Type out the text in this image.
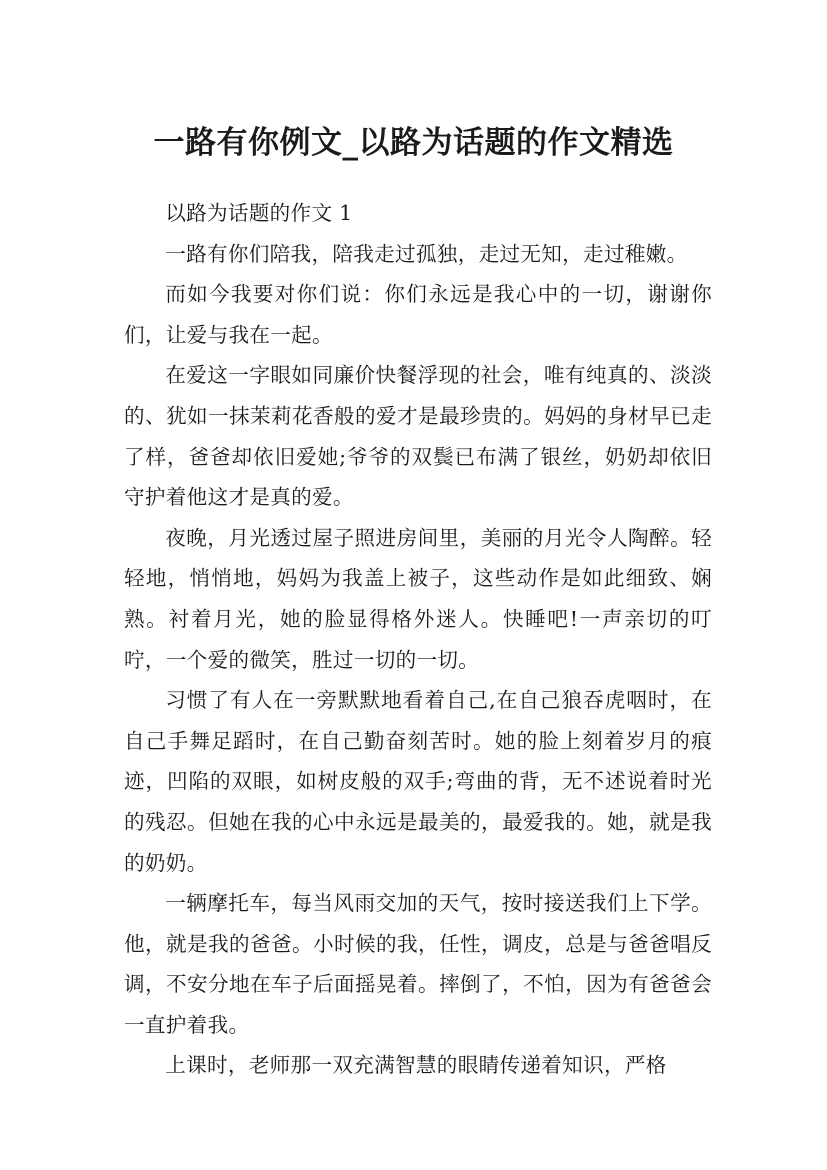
一路有你例文_以路为话题的作文精选

以路为话题的作文 1

一路有你们陪我，陪我走过孤独，走过无知，走过稚嫩。

而如今我要对你们说：你们永远是我心中的一切，谢谢你们，让爱与我在一起。

在爱这一字眼如同廉价快餐浮现的社会，唯有纯真的、淡淡的、犹如一抹茉莉花香般的爱才是最珍贵的。妈妈的身材早已走了样，爸爸却依旧爱她;爷爷的双鬓已布满了银丝，奶奶却依旧守护着他这才是真的爱。

夜晚，月光透过屋子照进房间里，美丽的月光令人陶醉。轻轻地，悄悄地，妈妈为我盖上被子，这些动作是如此细致、娴熟。衬着月光，她的脸显得格外迷人。快睡吧!一声亲切的叮咛，一个爱的微笑，胜过一切的一切。

习惯了有人在一旁默默地看着自己,在自己狼吞虎咽时，在自己手舞足蹈时，在自己勤奋刻苦时。她的脸上刻着岁月的痕迹，凹陷的双眼，如树皮般的双手;弯曲的背，无不述说着时光的残忍。但她在我的心中永远是最美的，最爱我的。她，就是我的奶奶。

一辆摩托车，每当风雨交加的天气，按时接送我们上下学。他，就是我的爸爸。小时候的我，任性，调皮，总是与爸爸唱反调，不安分地在车子后面摇晃着。摔倒了，不怕，因为有爸爸会一直护着我。

上课时，老师那一双充满智慧的眼睛传递着知识，严格
